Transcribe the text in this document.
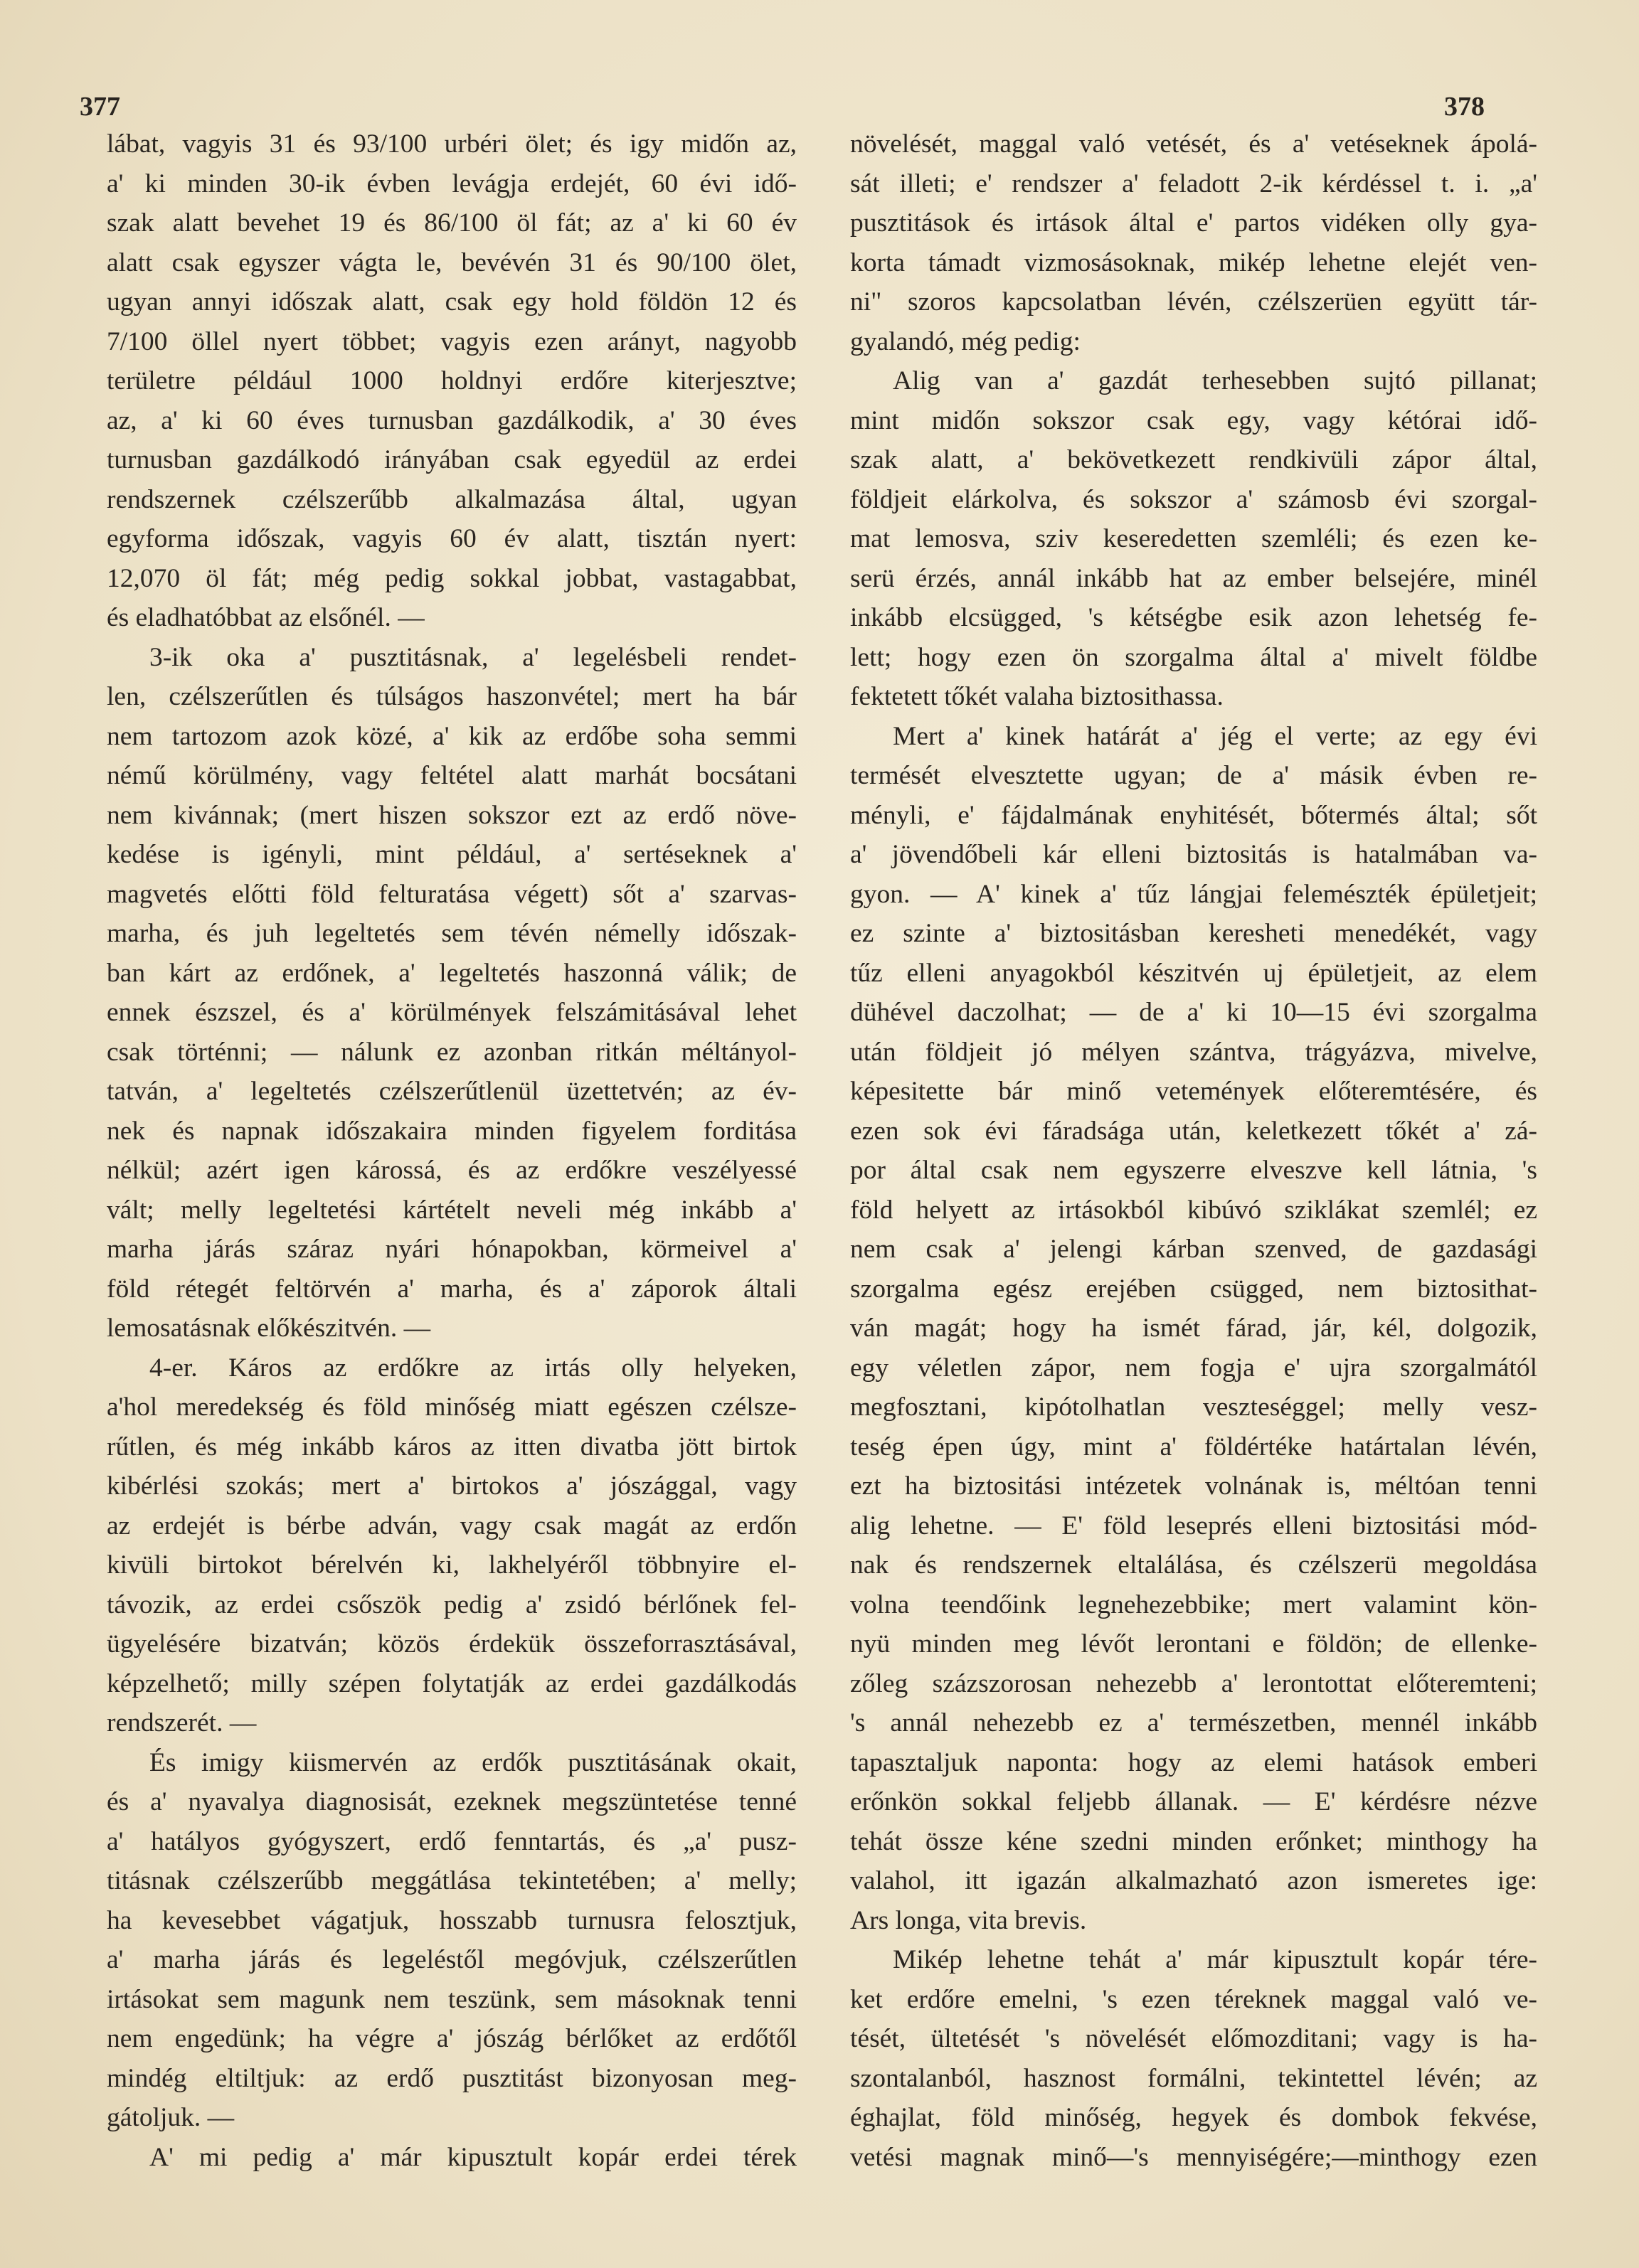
377	378
lábat, vagyis 31 és 93/100 urbéri ölet; és igy midőn az,
a' ki minden 30-ik évben levágja erdejét, 60 évi idő-
szak alatt bevehet 19 és 86/100 öl fát; az a' ki 60 év
alatt csak egyszer vágta le, bevévén 31 és 90/100 ölet,
ugyan annyi időszak alatt, csak egy hold földön 12 és
7/100 öllel nyert többet; vagyis ezen arányt, nagyobb
területre például 1000 holdnyi erdőre kiterjesztve;
az, a' ki 60 éves turnusban gazdálkodik, a' 30 éves
turnusban gazdálkodó irányában csak egyedül az erdei
rendszernek czélszerűbb alkalmazása által, ugyan
egyforma időszak, vagyis 60 év alatt, tisztán nyert:
12,070 öl fát; még pedig sokkal jobbat, vastagabbat,
és eladhatóbbat az elsőnél. —
3-ik oka a' pusztitásnak, a' legelésbeli rendet-
len, czélszerűtlen és túlságos haszonvétel; mert ha bár
nem tartozom azok közé, a' kik az erdőbe soha semmi
némű körülmény, vagy feltétel alatt marhát bocsátani
nem kivánnak; (mert hiszen sokszor ezt az erdő növe-
kedése is igényli, mint például, a' sertéseknek a'
magvetés előtti föld felturatása végett) sőt a' szarvas-
marha, és juh legeltetés sem tévén némelly időszak-
ban kárt az erdőnek, a' legeltetés haszonná válik; de
ennek észszel, és a' körülmények felszámitásával lehet
csak történni; — nálunk ez azonban ritkán méltányol-
tatván, a' legeltetés czélszerűtlenül üzettetvén; az év-
nek és napnak időszakaira minden figyelem forditása
nélkül; azért igen károssá, és az erdőkre veszélyessé
vált; melly legeltetési kártételt neveli még inkább a'
marha járás száraz nyári hónapokban, körmeivel a'
föld rétegét feltörvén a' marha, és a' záporok általi
lemosatásnak előkészitvén. —
4-er. Káros az erdőkre az irtás olly helyeken,
a'hol meredekség és föld minőség miatt egészen czélsze-
rűtlen, és még inkább káros az itten divatba jött birtok
kibérlési szokás; mert a' birtokos a' jószággal, vagy
az erdejét is bérbe adván, vagy csak magát az erdőn
kivüli birtokot bérelvén ki, lakhelyéről többnyire el-
távozik, az erdei csőszök pedig a' zsidó bérlőnek fel-
ügyelésére bizatván; közös érdekük összeforrasztásával,
képzelhető; milly szépen folytatják az erdei gazdálkodás
rendszerét. —
És imigy kiismervén az erdők pusztitásának okait,
és a' nyavalya diagnosisát, ezeknek megszüntetése tenné
a' hatályos gyógyszert, erdő fenntartás, és „a' pusz-
titásnak czélszerűbb meggátlása tekintetében; a' melly;
ha kevesebbet vágatjuk, hosszabb turnusra felosztjuk,
a' marha járás és legeléstől megóvjuk, czélszerűtlen
irtásokat sem magunk nem teszünk, sem másoknak tenni
nem engedünk; ha végre a' jószág bérlőket az erdőtől
mindég eltiltjuk: az erdő pusztitást bizonyosan meg-
gátoljuk. —
A' mi pedig a' már kipusztult kopár erdei térek
növelését, maggal való vetését, és a' vetéseknek ápolá-
sát illeti; e' rendszer a' feladott 2-ik kérdéssel t. i. „a'
pusztitások és irtások által e' partos vidéken olly gya-
korta támadt vizmosásoknak, mikép lehetne elejét ven-
ni" szoros kapcsolatban lévén, czélszerüen együtt tár-
gyalandó, még pedig:
Alig van a' gazdát terhesebben sujtó pillanat;
mint midőn sokszor csak egy, vagy kétórai idő-
szak alatt, a' bekövetkezett rendkivüli zápor által,
földjeit elárkolva, és sokszor a' számosb évi szorgal-
mat lemosva, sziv keseredetten szemléli; és ezen ke-
serü érzés, annál inkább hat az ember belsejére, minél
inkább elcsügged, 's kétségbe esik azon lehetség fe-
lett; hogy ezen ön szorgalma által a' mivelt földbe
fektetett tőkét valaha biztosithassa.
Mert a' kinek határát a' jég el verte; az egy évi
termését elvesztette ugyan; de a' másik évben re-
ményli, e' fájdalmának enyhitését, bőtermés által; sőt
a' jövendőbeli kár elleni biztositás is hatalmában va-
gyon. — A' kinek a' tűz lángjai felemészték épületjeit;
ez szinte a' biztositásban keresheti menedékét, vagy
tűz elleni anyagokból készitvén uj épületjeit, az elem
dühével daczolhat; — de a' ki 10—15 évi szorgalma
után földjeit jó mélyen szántva, trágyázva, mivelve,
képesitette bár minő vetemények előteremtésére, és
ezen sok évi fáradsága után, keletkezett tőkét a' zá-
por által csak nem egyszerre elveszve kell látnia, 's
föld helyett az irtásokból kibúvó sziklákat szemlél; ez
nem csak a' jelengi kárban szenved, de gazdasági
szorgalma egész erejében csügged, nem biztosithat-
ván magát; hogy ha ismét fárad, jár, kél, dolgozik,
egy véletlen zápor, nem fogja e' ujra szorgalmától
megfosztani, kipótolhatlan veszteséggel; melly vesz-
teség épen úgy, mint a' földértéke határtalan lévén,
ezt ha biztositási intézetek volnának is, méltóan tenni
alig lehetne. — E' föld leseprés elleni biztositási mód-
nak és rendszernek eltalálása, és czélszerü megoldása
volna teendőink legnehezebbike; mert valamint kön-
nyü minden meg lévőt lerontani e földön; de ellenke-
zőleg százszorosan nehezebb a' lerontottat előteremteni;
's annál nehezebb ez a' természetben, mennél inkább
tapasztaljuk naponta: hogy az elemi hatások emberi
erőnkön sokkal feljebb állanak. — E' kérdésre nézve
tehát össze kéne szedni minden erőnket; minthogy ha
valahol, itt igazán alkalmazható azon ismeretes ige:
Ars longa, vita brevis.
Mikép lehetne tehát a' már kipusztult kopár tére-
ket erdőre emelni, 's ezen téreknek maggal való ve-
tését, ültetését 's növelését előmozditani; vagy is ha-
szontalanból, hasznost formálni, tekintettel lévén; az
éghajlat, föld minőség, hegyek és dombok fekvése,
vetési magnak minő—'s mennyiségére;—minthogy ezen
